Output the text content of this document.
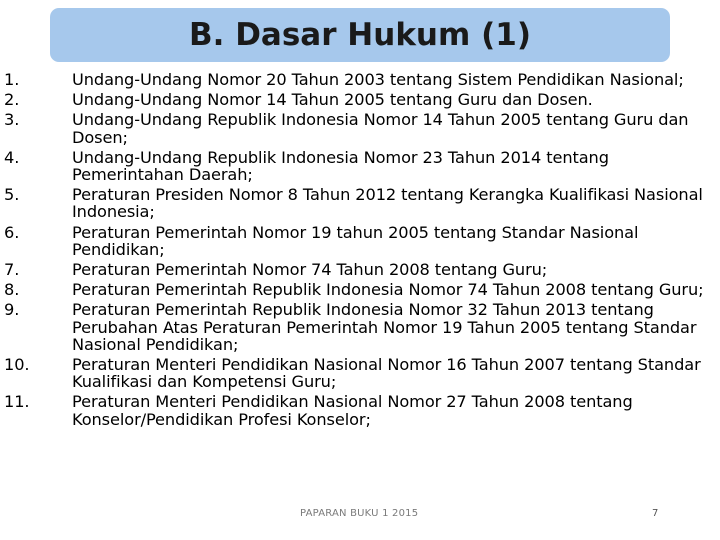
B. Dasar Hukum (1)
1.	Undang-Undang Nomor 20 Tahun 2003 tentang Sistem Pendidikan Nasional;
2.	Undang-Undang Nomor 14 Tahun 2005 tentang Guru dan Dosen.
3.	Undang-Undang Republik Indonesia Nomor 14 Tahun 2005 tentang Guru dan Dosen;
4.	Undang-Undang Republik Indonesia Nomor 23 Tahun 2014 tentang Pemerintahan Daerah;
5.	Peraturan Presiden Nomor 8 Tahun 2012 tentang Kerangka Kualifikasi Nasional Indonesia;
6.	Peraturan Pemerintah Nomor 19 tahun 2005 tentang Standar Nasional Pendidikan;
7.	Peraturan Pemerintah Nomor 74 Tahun 2008 tentang Guru;
8.	Peraturan Pemerintah Republik Indonesia Nomor 74 Tahun 2008 tentang Guru;
9.	Peraturan Pemerintah Republik Indonesia Nomor 32 Tahun 2013 tentang Perubahan Atas Peraturan Pemerintah Nomor 19 Tahun 2005 tentang Standar Nasional Pendidikan;
10.	Peraturan Menteri Pendidikan Nasional Nomor 16 Tahun 2007 tentang Standar Kualifikasi dan Kompetensi Guru;
11.	Peraturan Menteri Pendidikan Nasional Nomor 27 Tahun 2008 tentang Konselor/Pendidikan Profesi Konselor;
PAPARAN BUKU 1 2015	7
